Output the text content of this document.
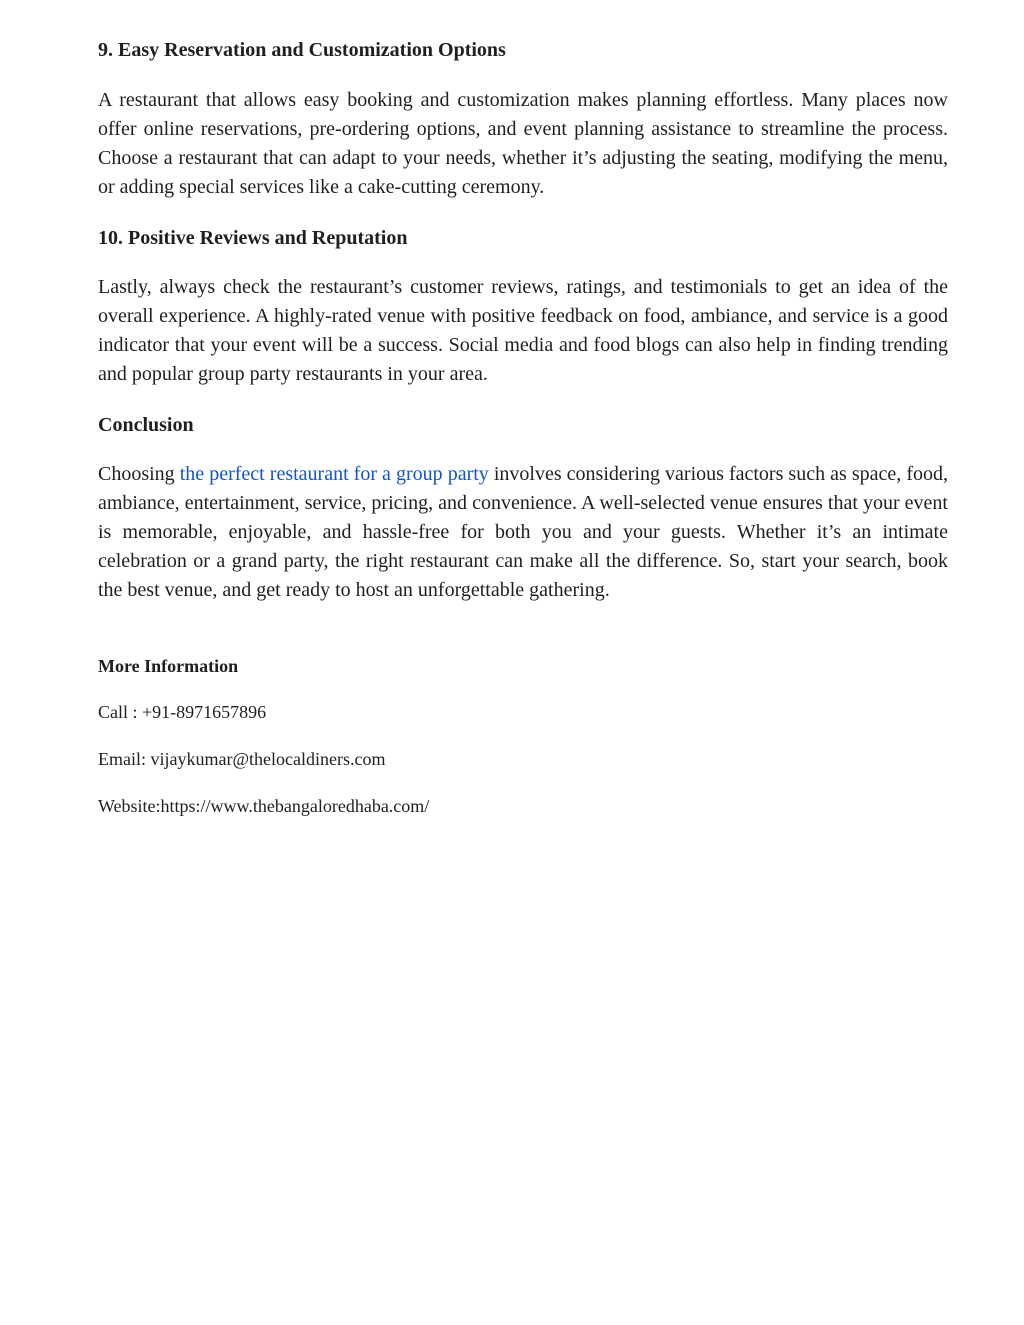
9. Easy Reservation and Customization Options

A restaurant that allows easy booking and customization makes planning effortless. Many places now offer online reservations, pre-ordering options, and event planning assistance to streamline the process. Choose a restaurant that can adapt to your needs, whether it’s adjusting the seating, modifying the menu, or adding special services like a cake-cutting ceremony.

10. Positive Reviews and Reputation

Lastly, always check the restaurant’s customer reviews, ratings, and testimonials to get an idea of the overall experience. A highly-rated venue with positive feedback on food, ambiance, and service is a good indicator that your event will be a success. Social media and food blogs can also help in finding trending and popular group party restaurants in your area.

Conclusion

Choosing the perfect restaurant for a group party involves considering various factors such as space, food, ambiance, entertainment, service, pricing, and convenience. A well-selected venue ensures that your event is memorable, enjoyable, and hassle-free for both you and your guests. Whether it’s an intimate celebration or a grand party, the right restaurant can make all the difference. So, start your search, book the best venue, and get ready to host an unforgettable gathering.

More Information

Call : +91-8971657896

Email: vijaykumar@thelocaldiners.com

Website:https://www.thebangaloredhaba.com/
